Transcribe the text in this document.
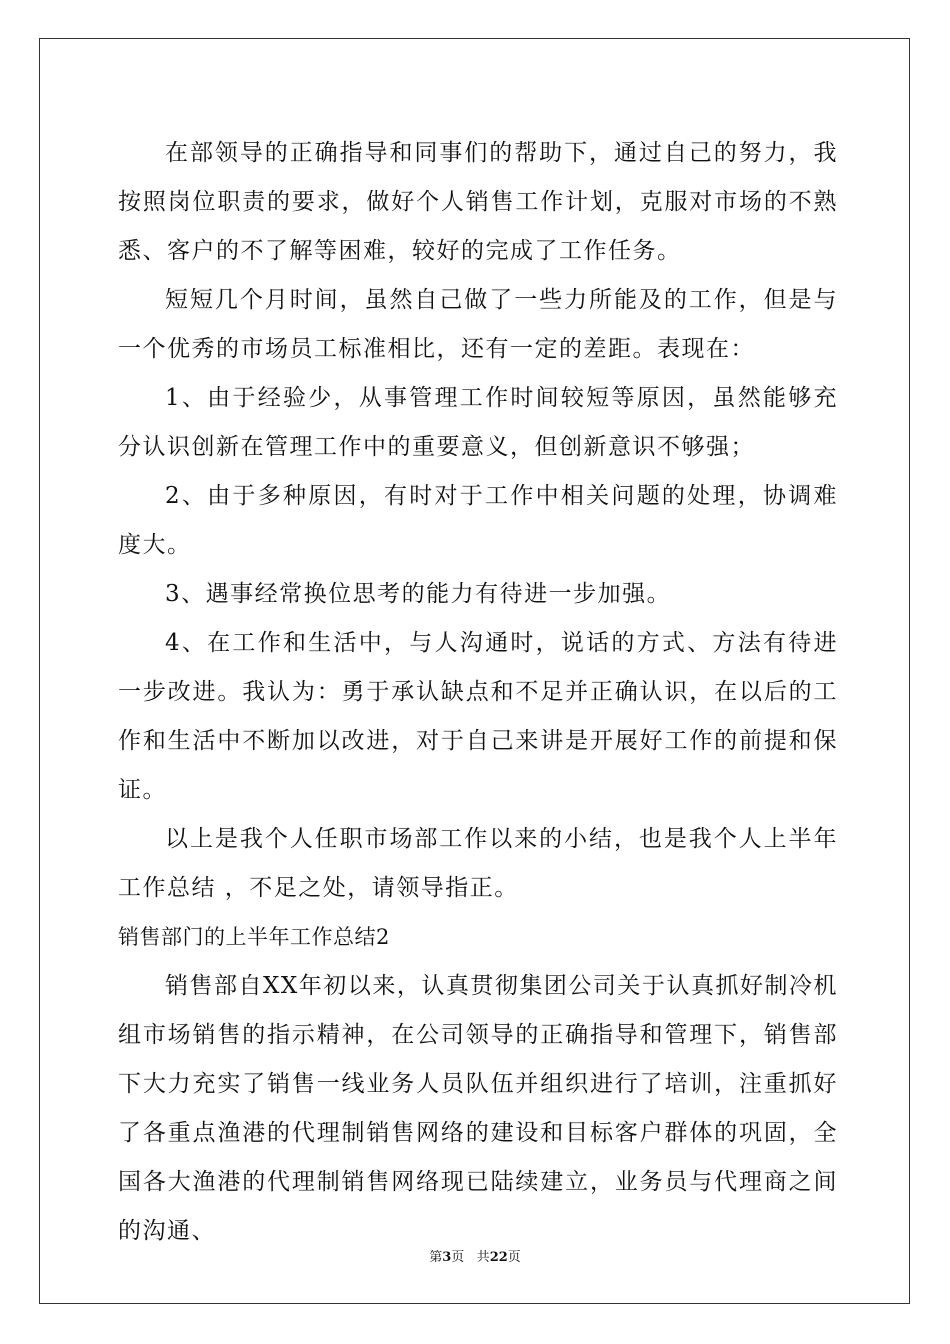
在部领导的正确指导和同事们的帮助下，通过自己的努力，我按照岗位职责的要求，做好个人销售工作计划，克服对市场的不熟悉、客户的不了解等困难，较好的完成了工作任务。

短短几个月时间，虽然自己做了一些力所能及的工作，但是与一个优秀的市场员工标准相比，还有一定的差距。表现在：

1、由于经验少，从事管理工作时间较短等原因，虽然能够充分认识创新在管理工作中的重要意义，但创新意识不够强；

2、由于多种原因，有时对于工作中相关问题的处理，协调难度大。

3、遇事经常换位思考的能力有待进一步加强。

4、在工作和生活中，与人沟通时，说话的方式、方法有待进一步改进。我认为：勇于承认缺点和不足并正确认识，在以后的工作和生活中不断加以改进，对于自己来讲是开展好工作的前提和保证。

以上是我个人任职市场部工作以来的小结，也是我个人上半年工作总结 ，不足之处，请领导指正。

销售部门的上半年工作总结2

销售部自XX年初以来，认真贯彻集团公司关于认真抓好制冷机组市场销售的指示精神，在公司领导的正确指导和管理下，销售部下大力充实了销售一线业务人员队伍并组织进行了培训，注重抓好了各重点渔港的代理制销售网络的建设和目标客户群体的巩固，全国各大渔港的代理制销售网络现已陆续建立，业务员与代理商之间的沟通、

第3页 共22页
